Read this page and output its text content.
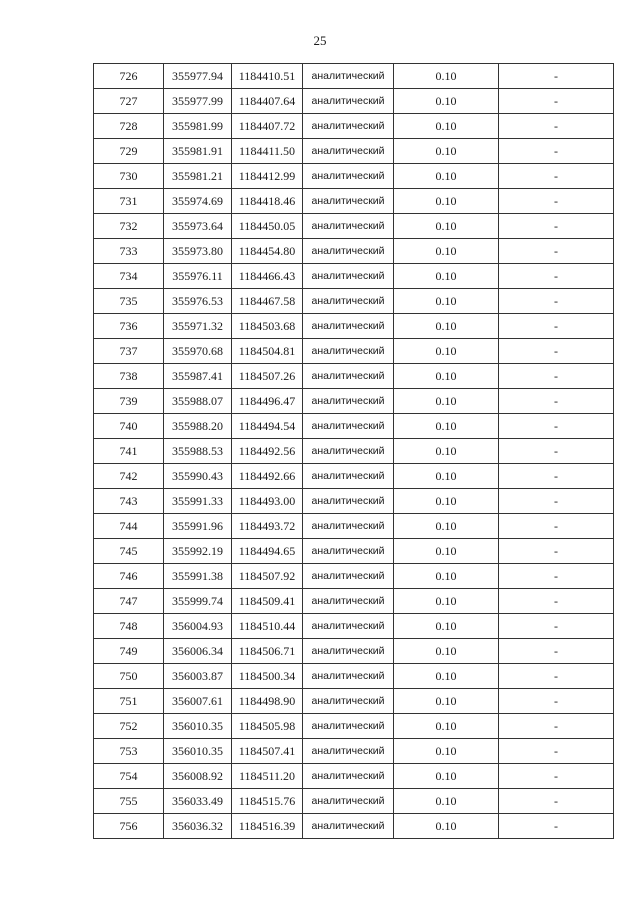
25
726	355977.94	1184410.51	аналитический	0.10	-
727	355977.99	1184407.64	аналитический	0.10	-
728	355981.99	1184407.72	аналитический	0.10	-
729	355981.91	1184411.50	аналитический	0.10	-
730	355981.21	1184412.99	аналитический	0.10	-
731	355974.69	1184418.46	аналитический	0.10	-
732	355973.64	1184450.05	аналитический	0.10	-
733	355973.80	1184454.80	аналитический	0.10	-
734	355976.11	1184466.43	аналитический	0.10	-
735	355976.53	1184467.58	аналитический	0.10	-
736	355971.32	1184503.68	аналитический	0.10	-
737	355970.68	1184504.81	аналитический	0.10	-
738	355987.41	1184507.26	аналитический	0.10	-
739	355988.07	1184496.47	аналитический	0.10	-
740	355988.20	1184494.54	аналитический	0.10	-
741	355988.53	1184492.56	аналитический	0.10	-
742	355990.43	1184492.66	аналитический	0.10	-
743	355991.33	1184493.00	аналитический	0.10	-
744	355991.96	1184493.72	аналитический	0.10	-
745	355992.19	1184494.65	аналитический	0.10	-
746	355991.38	1184507.92	аналитический	0.10	-
747	355999.74	1184509.41	аналитический	0.10	-
748	356004.93	1184510.44	аналитический	0.10	-
749	356006.34	1184506.71	аналитический	0.10	-
750	356003.87	1184500.34	аналитический	0.10	-
751	356007.61	1184498.90	аналитический	0.10	-
752	356010.35	1184505.98	аналитический	0.10	-
753	356010.35	1184507.41	аналитический	0.10	-
754	356008.92	1184511.20	аналитический	0.10	-
755	356033.49	1184515.76	аналитический	0.10	-
756	356036.32	1184516.39	аналитический	0.10	-
